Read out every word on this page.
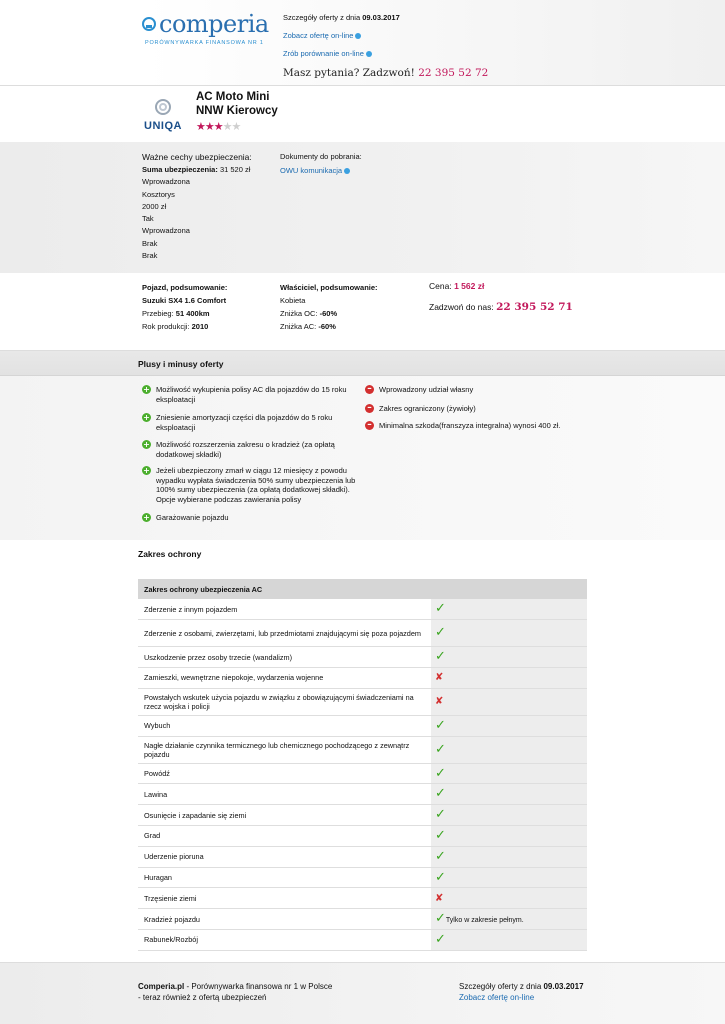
comperia
PORÓWNYWARKA FINANSOWA NR 1
Szczegóły oferty z dnia 09.03.2017
Zobacz ofertę on-line
Zrób porównanie on-line
Masz pytania? Zadzwoń! 22 395 52 72
UNIQA
AC Moto Mini
NNW Kierowcy
★★★★★
Ważne cechy ubezpieczenia:
Suma ubezpieczenia: 31 520 zł
Wprowadzona
Kosztorys
2000 zł
Tak
Wprowadzona
Brak
Brak
Dokumenty do pobrania:
OWU komunikacja
Pojazd, podsumowanie:
Suzuki SX4 1.6 Comfort
Przebieg: 51 400km
Rok produkcji: 2010
Właściciel, podsumowanie:
Kobieta
Zniżka OC: -60%
Zniżka AC: -60%
Cena: 1 562 zł
Zadzwoń do nas: 22 395 52 71
Plusy i minusy oferty
+ Możliwość wykupienia polisy AC dla pojazdów do 15 roku eksploatacji
+ Zniesienie amortyzacji części dla pojazdów do 5 roku eksploatacji
+ Możliwość rozszerzenia zakresu o kradzież (za opłatą dodatkowej składki)
+ Jeżeli ubezpieczony zmarł w ciągu 12 miesięcy z powodu wypadku wypłata świadczenia 50% sumy ubezpieczenia lub 100% sumy ubezpieczenia (za opłatą dodatkowej składki). Opcje wybierane podczas zawierania polisy
+ Garażowanie pojazdu
– Wprowadzony udział własny
– Zakres ograniczony (żywioły)
– Minimalna szkoda(franszyza integralna) wynosi 400 zł.
Zakres ochrony
Zakres ochrony ubezpieczenia AC	
Zderzenie z innym pojazdem	✓
Zderzenie z osobami, zwierzętami, lub przedmiotami znajdującymi się poza pojazdem	✓
Uszkodzenie przez osoby trzecie (wandalizm)	✓
Zamieszki, wewnętrzne niepokoje, wydarzenia wojenne	✘
Powstałych wskutek użycia pojazdu w związku z obowiązującymi świadczeniami na rzecz wojska i policji	✘
Wybuch	✓
Nagłe działanie czynnika termicznego lub chemicznego pochodzącego z zewnątrz pojazdu	✓
Powódź	✓
Lawina	✓
Osunięcie i zapadanie się ziemi	✓
Grad	✓
Uderzenie pioruna	✓
Huragan	✓
Trzęsienie ziemi	✘
Kradzież pojazdu	✓Tylko w zakresie pełnym.
Rabunek/Rozbój	✓
Comperia.pl - Porównywarka finansowa nr 1 w Polsce
- teraz również z ofertą ubezpieczeń
Szczegóły oferty z dnia 09.03.2017
Zobacz ofertę on-line
